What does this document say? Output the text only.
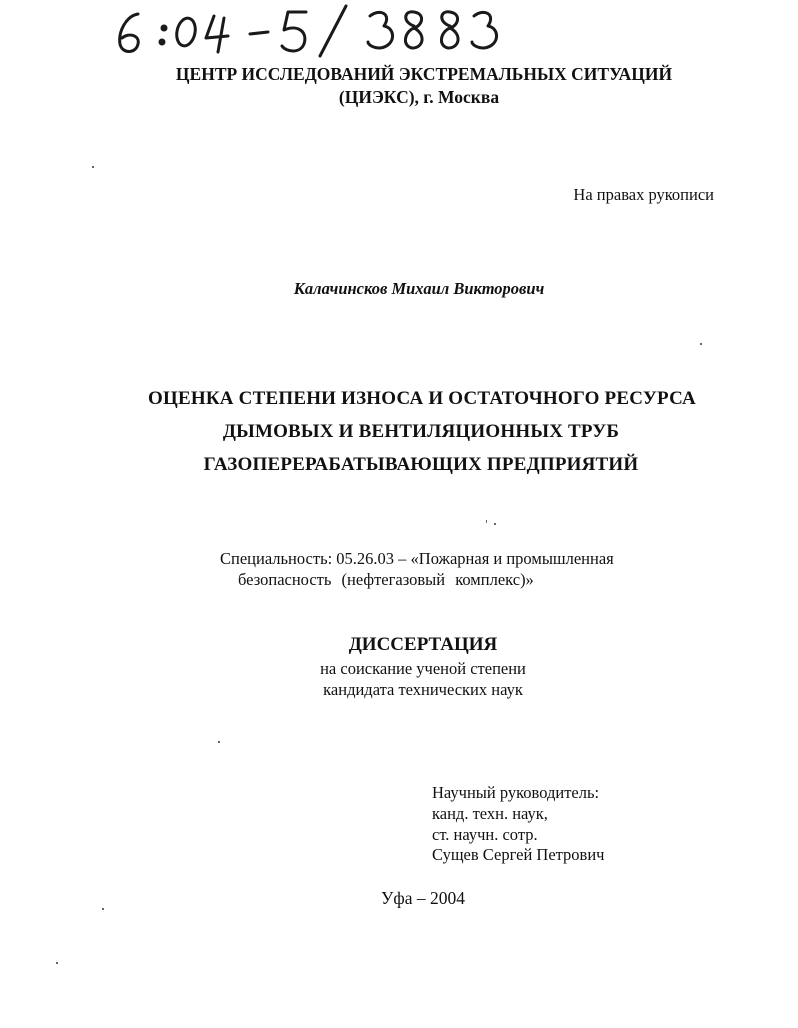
ЦЕНТР ИССЛЕДОВАНИЙ ЭКСТРЕМАЛЬНЫХ СИТУАЦИЙ
(ЦИЭКС), г. Москва
На правах рукописи
Калачинсков Михаил Викторович
ОЦЕНКА СТЕПЕНИ ИЗНОСА И ОСТАТОЧНОГО РЕСУРСА
ДЫМОВЫХ И ВЕНТИЛЯЦИОННЫХ ТРУБ
ГАЗОПЕРЕРАБАТЫВАЮЩИХ ПРЕДПРИЯТИЙ
Специальность: 05.26.03 – «Пожарная и промышленная
безопасность (нефтегазовый комплекс)»
ДИССЕРТАЦИЯ
на соискание ученой степени
кандидата технических наук
Научный руководитель:
канд. техн. наук,
ст. научн. сотр.
Сущев Сергей Петрович
Уфа – 2004
